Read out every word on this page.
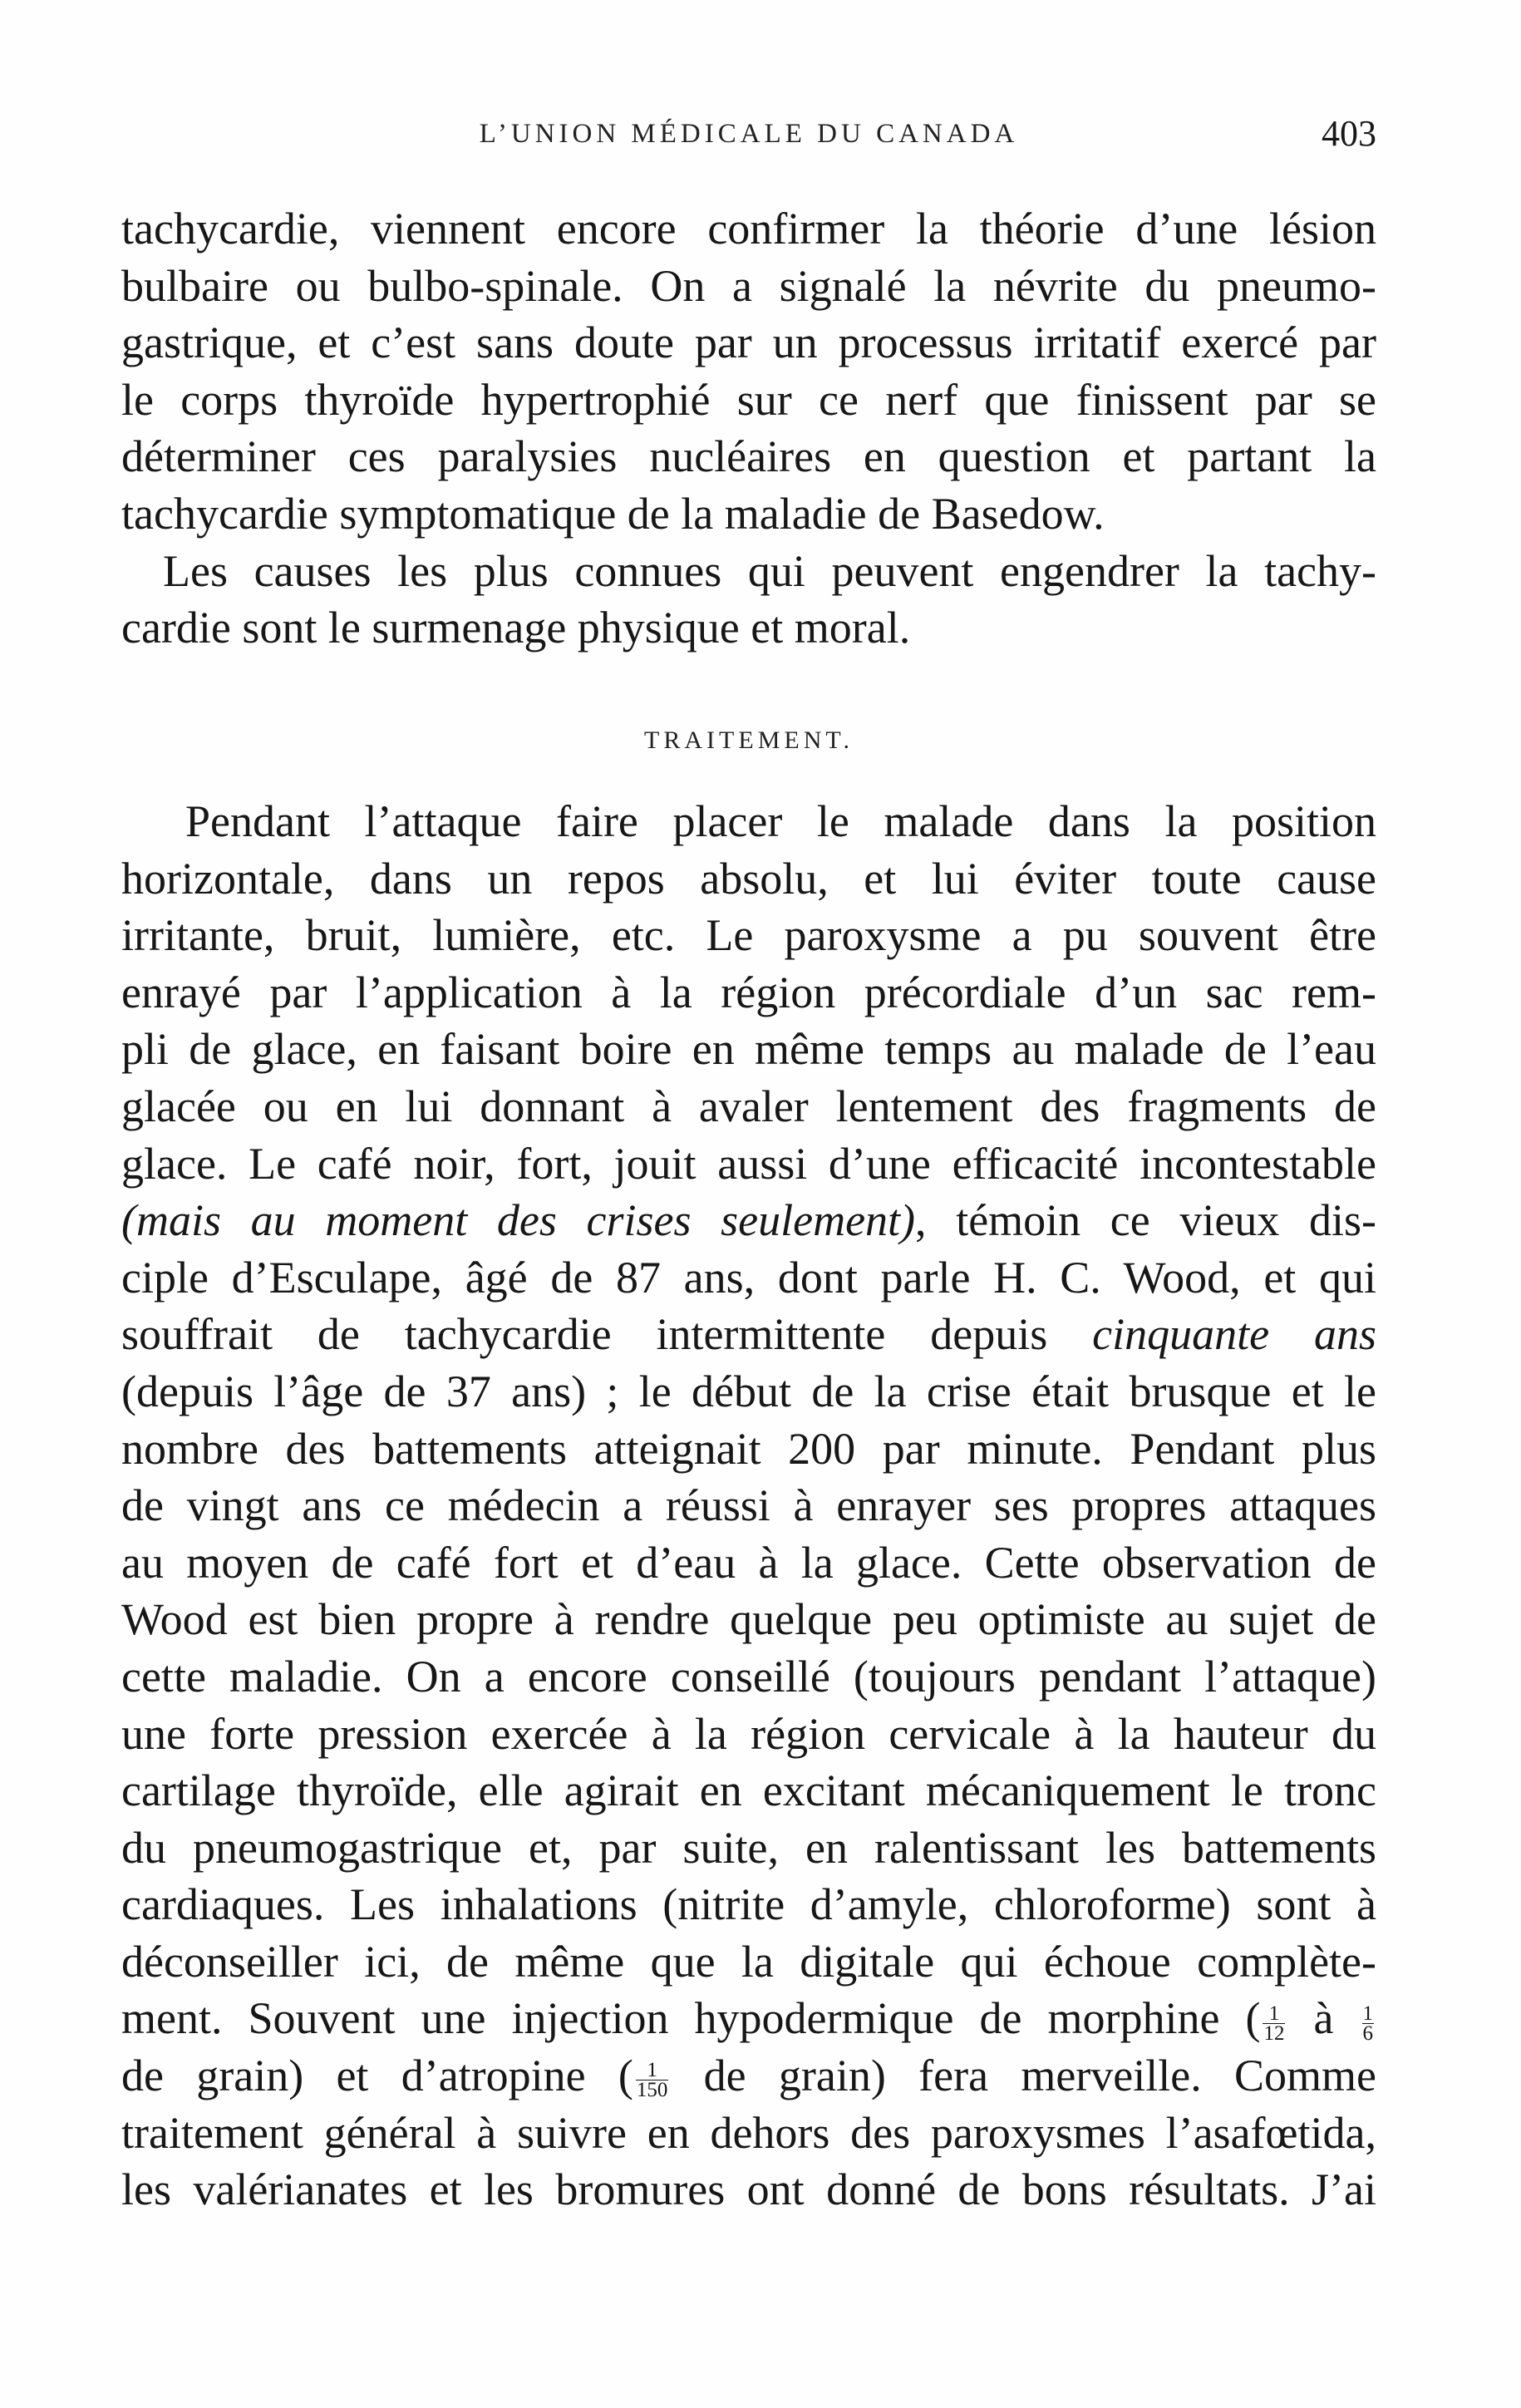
L’UNION MÉDICALE DU CANADA	403
tachycardie, viennent encore confirmer la théorie d’une lésion
bulbaire ou bulbo-spinale. On a signalé la névrite du pneumo-
gastrique, et c’est sans doute par un processus irritatif exercé par
le corps thyroïde hypertrophié sur ce nerf que finissent par se
déterminer ces paralysies nucléaires en question et partant la
tachycardie symptomatique de la maladie de Basedow.
Les causes les plus connues qui peuvent engendrer la tachy-
cardie sont le surmenage physique et moral.
TRAITEMENT.
Pendant l’attaque faire placer le malade dans la position
horizontale, dans un repos absolu, et lui éviter toute cause
irritante, bruit, lumière, etc. Le paroxysme a pu souvent être
enrayé par l’application à la région précordiale d’un sac rem-
pli de glace, en faisant boire en même temps au malade de l’eau
glacée ou en lui donnant à avaler lentement des fragments de
glace. Le café noir, fort, jouit aussi d’une efficacité incontestable
(mais au moment des crises seulement), témoin ce vieux dis-
ciple d’Esculape, âgé de 87 ans, dont parle H. C. Wood, et qui
souffrait de tachycardie intermittente depuis cinquante ans
(depuis l’âge de 37 ans) ; le début de la crise était brusque et le
nombre des battements atteignait 200 par minute. Pendant plus
de vingt ans ce médecin a réussi à enrayer ses propres attaques
au moyen de café fort et d’eau à la glace. Cette observation de
Wood est bien propre à rendre quelque peu optimiste au sujet de
cette maladie. On a encore conseillé (toujours pendant l’attaque)
une forte pression exercée à la région cervicale à la hauteur du
cartilage thyroïde, elle agirait en excitant mécaniquement le tronc
du pneumogastrique et, par suite, en ralentissant les battements
cardiaques. Les inhalations (nitrite d’amyle, chloroforme) sont à
déconseiller ici, de même que la digitale qui échoue complète-
ment. Souvent une injection hypodermique de morphine ( $\frac{1}{12}$ à $\frac{1}{6}$
de grain) et d’atropine ( $\frac{1}{150}$ de grain) fera merveille. Comme
traitement général à suivre en dehors des paroxysmes l’asafœtida,
les valérianates et les bromures ont donné de bons résultats. J’ai
